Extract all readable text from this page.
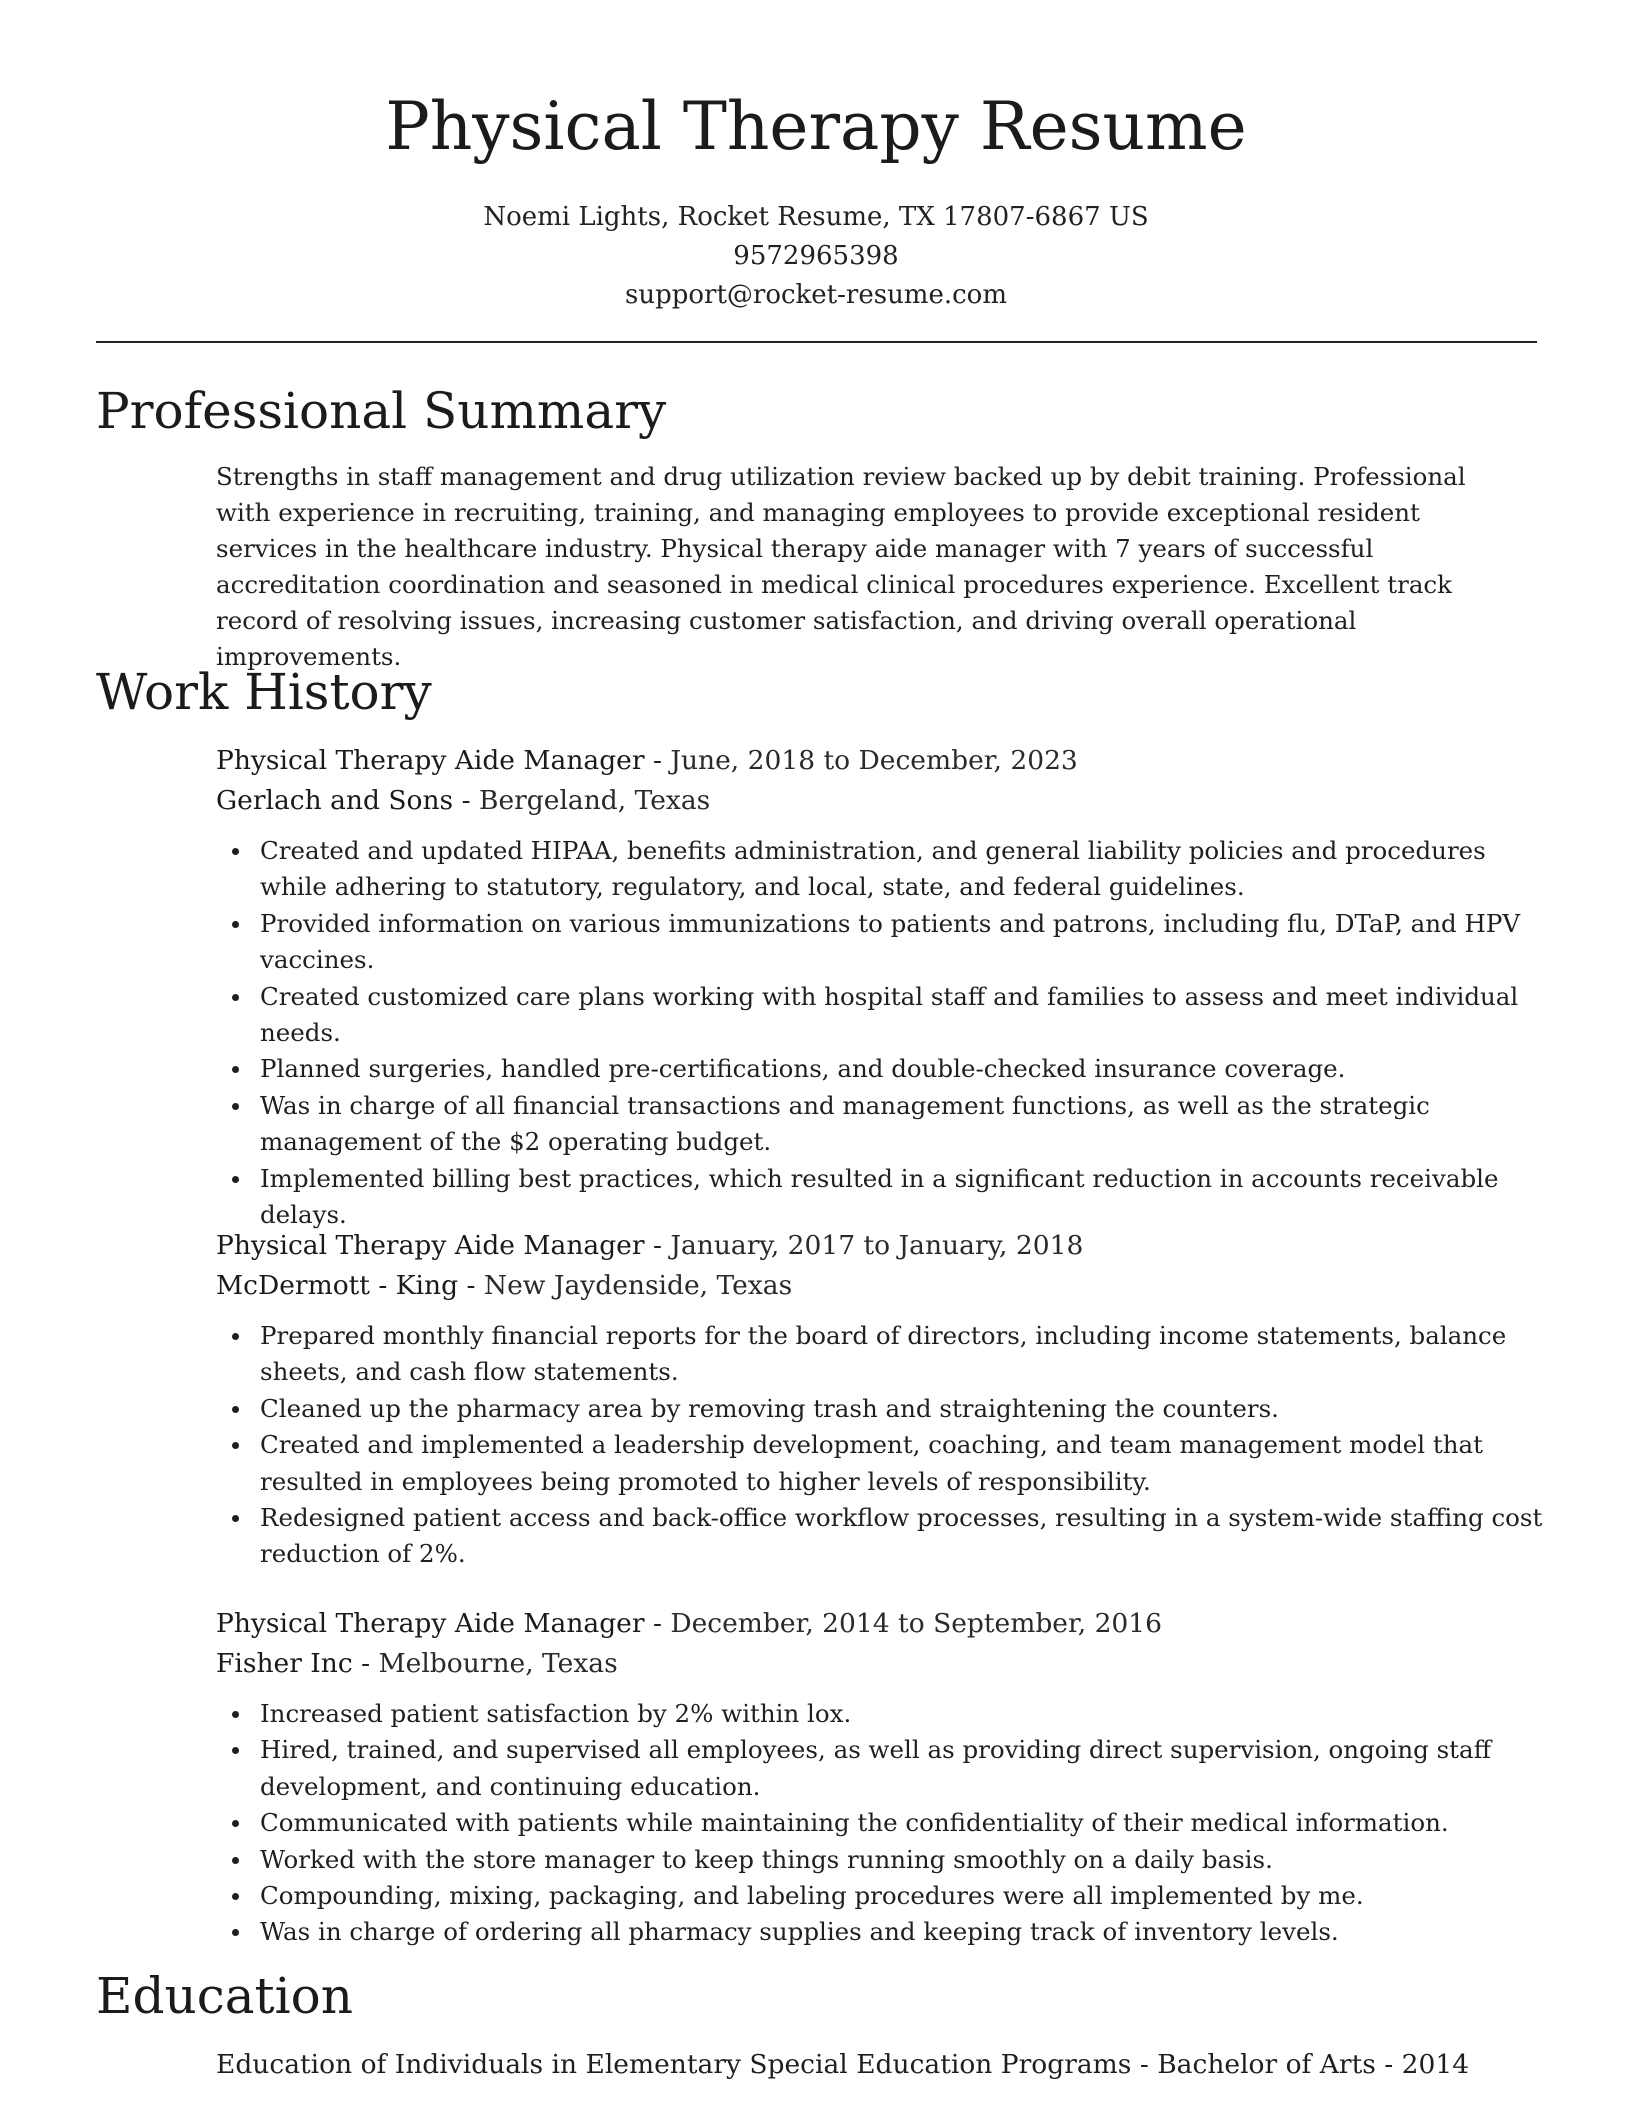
Physical Therapy Resume
Noemi Lights, Rocket Resume, TX 17807-6867 US
9572965398
support@rocket-resume.com
Professional Summary

Strengths in staff management and drug utilization review backed up by debit training. Professional with experience in recruiting, training, and managing employees to provide exceptional resident services in the healthcare industry. Physical therapy aide manager with 7 years of successful accreditation coordination and seasoned in medical clinical procedures experience. Excellent track record of resolving issues, increasing customer satisfaction, and driving overall operational improvements.

Work History
Physical Therapy Aide Manager - June, 2018 to December, 2023
Gerlach and Sons - Bergeland, Texas
Created and updated HIPAA, benefits administration, and general liability policies and procedures while adhering to statutory, regulatory, and local, state, and federal guidelines.
Provided information on various immunizations to patients and patrons, including flu, DTaP, and HPV vaccines.
Created customized care plans working with hospital staff and families to assess and meet individual needs.
Planned surgeries, handled pre-certifications, and double-checked insurance coverage.
Was in charge of all financial transactions and management functions, as well as the strategic management of the $2 operating budget.
Implemented billing best practices, which resulted in a significant reduction in accounts receivable delays.
Physical Therapy Aide Manager - January, 2017 to January, 2018
McDermott - King - New Jaydenside, Texas
Prepared monthly financial reports for the board of directors, including income statements, balance sheets, and cash flow statements.
Cleaned up the pharmacy area by removing trash and straightening the counters.
Created and implemented a leadership development, coaching, and team management model that resulted in employees being promoted to higher levels of responsibility.
Redesigned patient access and back-office workflow processes, resulting in a system-wide staffing cost reduction of 2%.
Physical Therapy Aide Manager - December, 2014 to September, 2016
Fisher Inc - Melbourne, Texas
Increased patient satisfaction by 2% within lox.
Hired, trained, and supervised all employees, as well as providing direct supervision, ongoing staff development, and continuing education.
Communicated with patients while maintaining the confidentiality of their medical information.
Worked with the store manager to keep things running smoothly on a daily basis.
Compounding, mixing, packaging, and labeling procedures were all implemented by me.
Was in charge of ordering all pharmacy supplies and keeping track of inventory levels.
Education
Education of Individuals in Elementary Special Education Programs - Bachelor of Arts - 2014
